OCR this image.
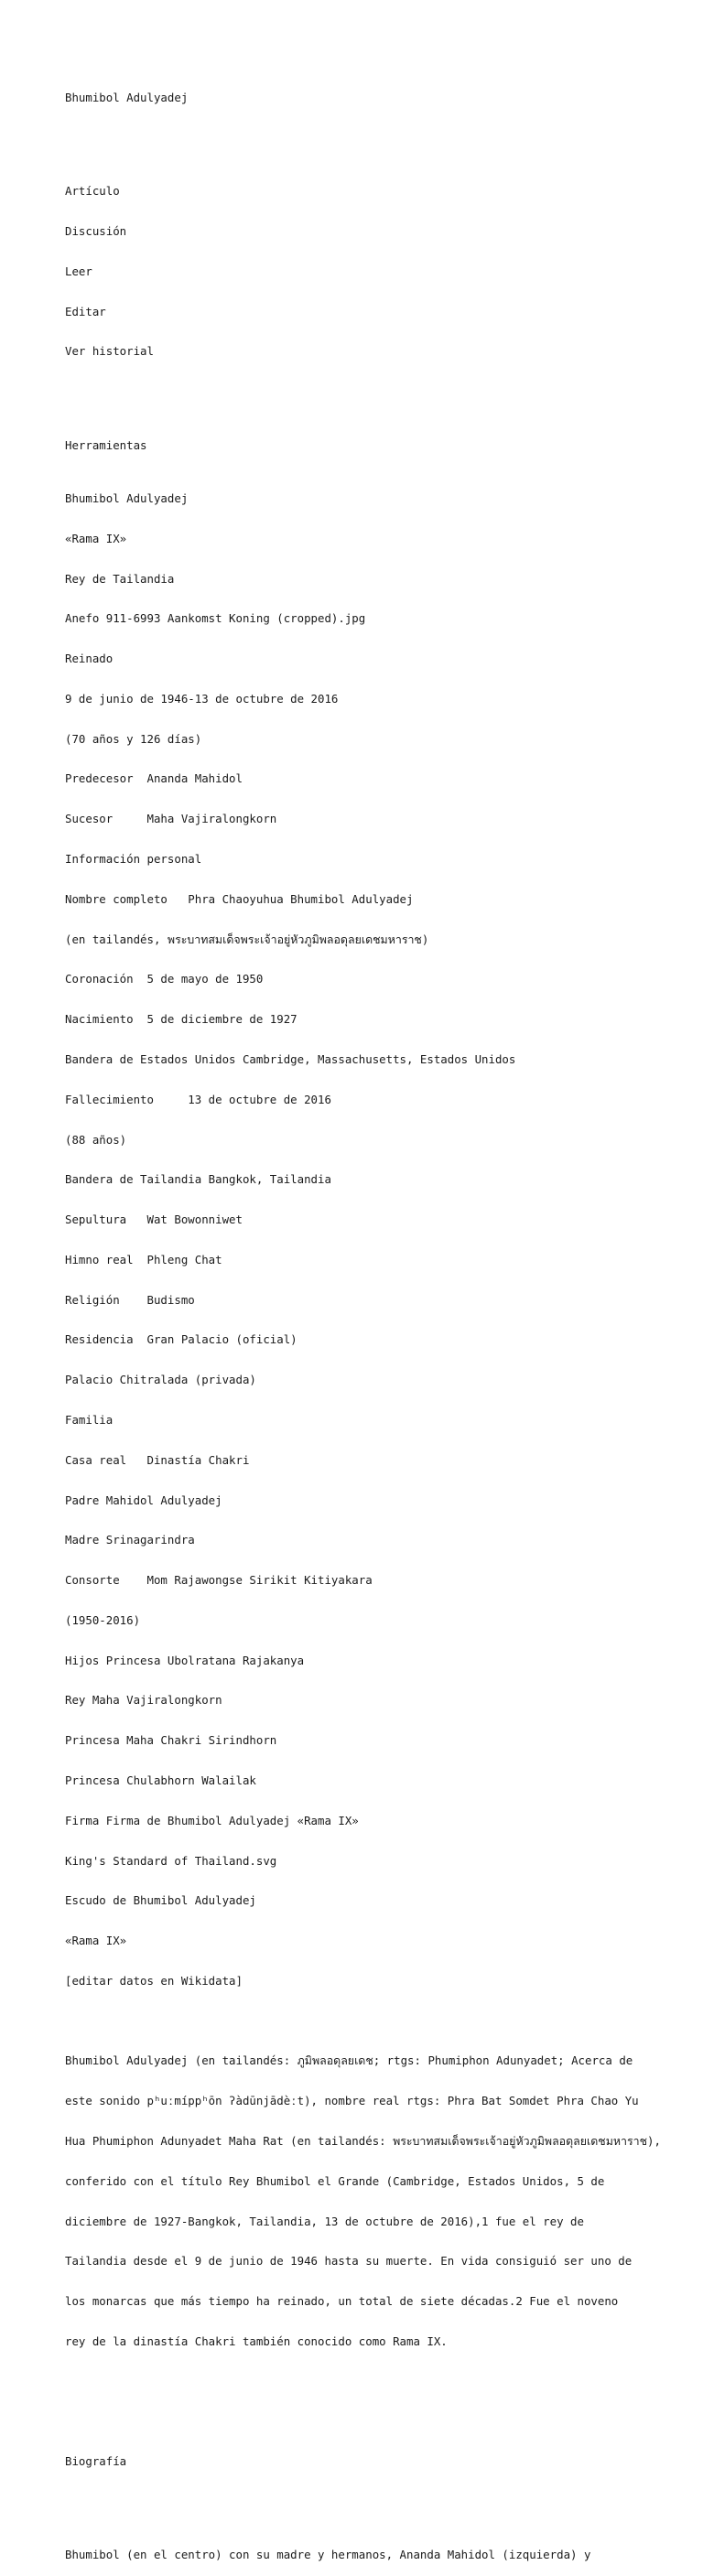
Bhumibol Adulyadej

Artículo

Discusión

Leer

Editar

Ver historial

Herramientas

Bhumibol Adulyadej

«Rama IX»

Rey de Tailandia

Anefo 911-6993 Aankomst Koning (cropped).jpg

Reinado

9 de junio de 1946-13 de octubre de 2016

(70 años y 126 días)

Predecesor  Ananda Mahidol

Sucesor     Maha Vajiralongkorn

Información personal

Nombre completo   Phra Chaoyuhua Bhumibol Adulyadej

(en tailandés, พระบาทสมเด็จพระเจ้าอยู่หัวภูมิพลอดุลยเดชมหาราช)

Coronación  5 de mayo de 1950

Nacimiento  5 de diciembre de 1927

Bandera de Estados Unidos Cambridge, Massachusetts, Estados Unidos

Fallecimiento     13 de octubre de 2016

(88 años)

Bandera de Tailandia Bangkok, Tailandia

Sepultura   Wat Bowonniwet

Himno real  Phleng Chat

Religión    Budismo

Residencia  Gran Palacio (oficial)

Palacio Chitralada (privada)

Familia

Casa real   Dinastía Chakri

Padre Mahidol Adulyadej

Madre Srinagarindra

Consorte    Mom Rajawongse Sirikit Kitiyakara

(1950-2016)

Hijos Princesa Ubolratana Rajakanya

Rey Maha Vajiralongkorn

Princesa Maha Chakri Sirindhorn

Princesa Chulabhorn Walailak

Firma Firma de Bhumibol Adulyadej «Rama IX»

King's Standard of Thailand.svg

Escudo de Bhumibol Adulyadej

«Rama IX»

[editar datos en Wikidata]

Bhumibol Adulyadej (en tailandés: ภูมิพลอดุลยเดช; rtgs: Phumiphon Adunyadet; Acerca de

este sonido pʰuːmíppʰōn ʔàdūnjādèːt), nombre real rtgs: Phra Bat Somdet Phra Chao Yu

Hua Phumiphon Adunyadet Maha Rat (en tailandés: พระบาทสมเด็จพระเจ้าอยู่หัวภูมิพลอดุลยเดชมหาราช),

conferido con el título Rey Bhumibol el Grande (Cambridge, Estados Unidos, 5 de

diciembre de 1927-Bangkok, Tailandia, 13 de octubre de 2016),1 fue el rey de

Tailandia desde el 9 de junio de 1946 hasta su muerte. En vida consiguió ser uno de

los monarcas que más tiempo ha reinado, un total de siete décadas.2 Fue el noveno

rey de la dinastía Chakri también conocido como Rama IX.

Biografía

Bhumibol (en el centro) con su madre y hermanos, Ananda Mahidol (izquierda) y
